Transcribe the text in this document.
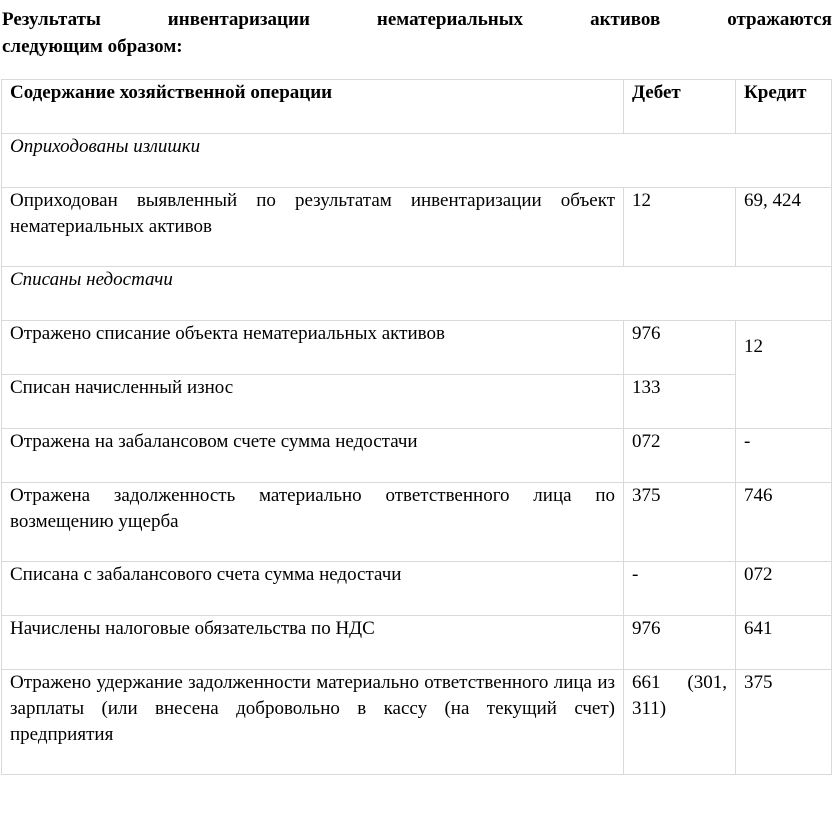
Результаты	инвентаризации	нематериальных	активов	отражаются
следующим образом:
Содержание хозяйственной операции	Дебет	Кредит
Оприходованы излишки		
Оприходован выявленный по результатам инвентаризации объект нематериальных активов	12	69, 424
Списаны недостачи		
Отражено списание объекта нематериальных активов	976	12
Списан начисленный износ	133	
Отражена на забалансовом счете сумма недостачи	072	-
Отражена задолженность материально ответственного лица по возмещению ущерба	375	746
Списана с забалансового счета сумма недостачи	-	072
Начислены налоговые обязательства по НДС	976	641
Отражено удержание задолженности материально ответственного лица из зарплаты (или внесена добровольно в кассу (на текущий счет) предприятия	661 (301, 311)	375
